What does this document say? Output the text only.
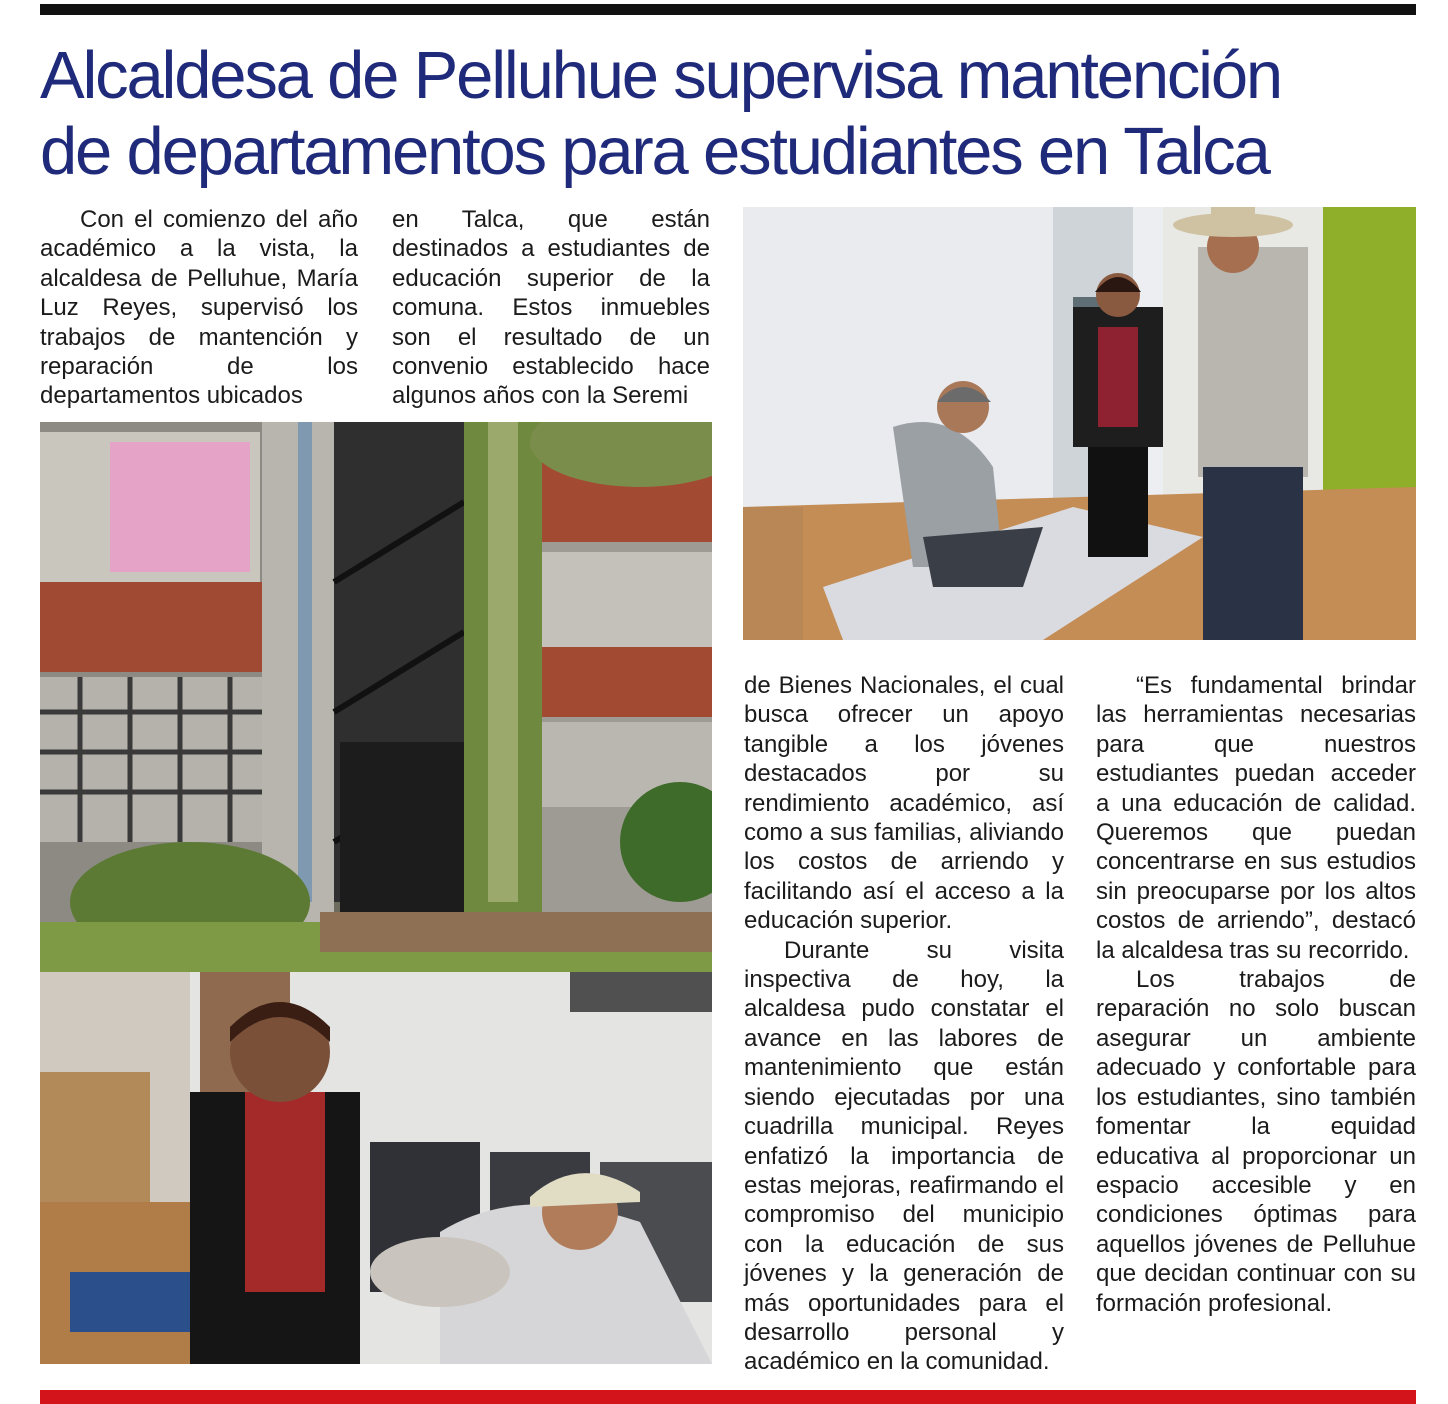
Alcaldesa de Pelluhue supervisa mantención
de departamentos para estudiantes en Talca

Con el comienzo del año académico a la vista, la alcaldesa de Pelluhue, María Luz Reyes, supervisó los trabajos de mantención y reparación de los departamentos ubicados

en Talca, que están destinados a estudiantes de educación superior de la comuna. Estos inmuebles son el resultado de un convenio establecido hace algunos años con la Seremi

de Bienes Nacionales, el cual busca ofrecer un apoyo tangible a los jóvenes destacados por su rendimiento académico, así como a sus familias, aliviando los costos de arriendo y facilitando así el acceso a la educación superior.

Durante su visita inspectiva de hoy, la alcaldesa pudo constatar el avance en las labores de mantenimiento que están siendo ejecutadas por una cuadrilla municipal. Reyes enfatizó la importancia de estas mejoras, reafirmando el compromiso del municipio con la educación de sus jóvenes y la generación de más oportunidades para el desarrollo personal y académico en la comunidad.

“Es fundamental brindar las herramientas necesarias para que nuestros estudiantes puedan acceder a una educación de calidad. Queremos que puedan concentrarse en sus estudios sin preocuparse por los altos costos de arriendo”, destacó la alcaldesa tras su recorrido.

Los trabajos de reparación no solo buscan asegurar un ambiente adecuado y confortable para los estudiantes, sino también fomentar la equidad educativa al proporcionar un espacio accesible y en condiciones óptimas para aquellos jóvenes de Pelluhue que decidan continuar con su formación profesional.
